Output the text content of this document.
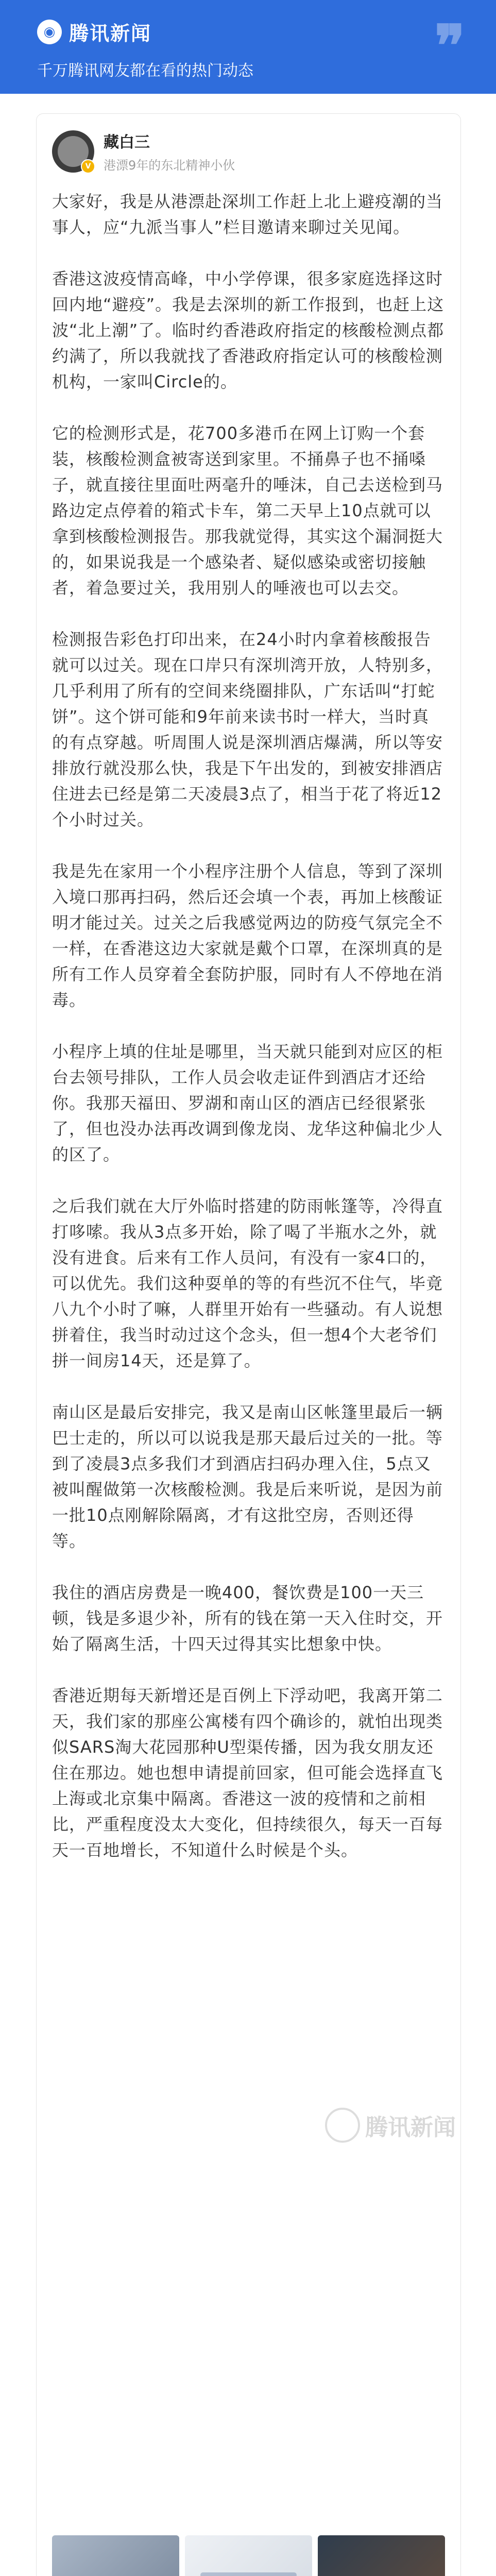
◉ 腾讯新闻
千万腾讯网友都在看的热门动态	❞
V
藏白三
港漂9年的东北精神小伙

大家好，我是从港漂赴深圳工作赶上北上避疫潮的当事人，应“九派当事人”栏目邀请来聊过关见闻。

香港这波疫情高峰，中小学停课，很多家庭选择这时回内地“避疫”。我是去深圳的新工作报到，也赶上这波“北上潮”了。临时约香港政府指定的核酸检测点都约满了，所以我就找了香港政府指定认可的核酸检测机构，一家叫Circle的。

它的检测形式是，花700多港币在网上订购一个套装，核酸检测盒被寄送到家里。不捅鼻子也不捅嗓子，就直接往里面吐两毫升的唾沫，自己去送检到马路边定点停着的箱式卡车，第二天早上10点就可以拿到核酸检测报告。那我就觉得，其实这个漏洞挺大的，如果说我是一个感染者、疑似感染或密切接触者，着急要过关，我用别人的唾液也可以去交。

检测报告彩色打印出来，在24小时内拿着核酸报告就可以过关。现在口岸只有深圳湾开放，人特别多，几乎利用了所有的空间来绕圈排队，广东话叫“打蛇饼”。这个饼可能和9年前来读书时一样大，当时真的有点穿越。听周围人说是深圳酒店爆满，所以等安排放行就没那么快，我是下午出发的，到被安排酒店住进去已经是第二天凌晨3点了，相当于花了将近12个小时过关。

我是先在家用一个小程序注册个人信息，等到了深圳入境口那再扫码，然后还会填一个表，再加上核酸证明才能过关。过关之后我感觉两边的防疫气氛完全不一样，在香港这边大家就是戴个口罩，在深圳真的是所有工作人员穿着全套防护服，同时有人不停地在消毒。

小程序上填的住址是哪里，当天就只能到对应区的柜台去领号排队，工作人员会收走证件到酒店才还给你。我那天福田、罗湖和南山区的酒店已经很紧张了，但也没办法再改调到像龙岗、龙华这种偏北少人的区了。

之后我们就在大厅外临时搭建的防雨帐篷等，冷得直打哆嗦。我从3点多开始，除了喝了半瓶水之外，就没有进食。后来有工作人员问，有没有一家4口的，可以优先。我们这种耍单的等的有些沉不住气，毕竟八九个小时了嘛，人群里开始有一些骚动。有人说想拼着住，我当时动过这个念头，但一想4个大老爷们拼一间房14天，还是算了。

南山区是最后安排完，我又是南山区帐篷里最后一辆巴士走的，所以可以说我是那天最后过关的一批。等到了凌晨3点多我们才到酒店扫码办理入住，5点又被叫醒做第一次核酸检测。我是后来听说，是因为前一批10点刚解除隔离，才有这批空房，否则还得等。

我住的酒店房费是一晚400，餐饮费是100一天三顿，钱是多退少补，所有的钱在第一天入住时交，开始了隔离生活，十四天过得其实比想象中快。

香港近期每天新增还是百例上下浮动吧，我离开第二天，我们家的那座公寓楼有四个确诊的，就怕出现类似SARS淘大花园那种U型渠传播，因为我女朋友还住在那边。她也想申请提前回家，但可能会选择直飞上海或北京集中隔离。香港这一波的疫情和之前相比，严重程度没太大变化，但持续很久，每天一百每天一百地增长，不知道什么时候是个头。

腾讯新闻
